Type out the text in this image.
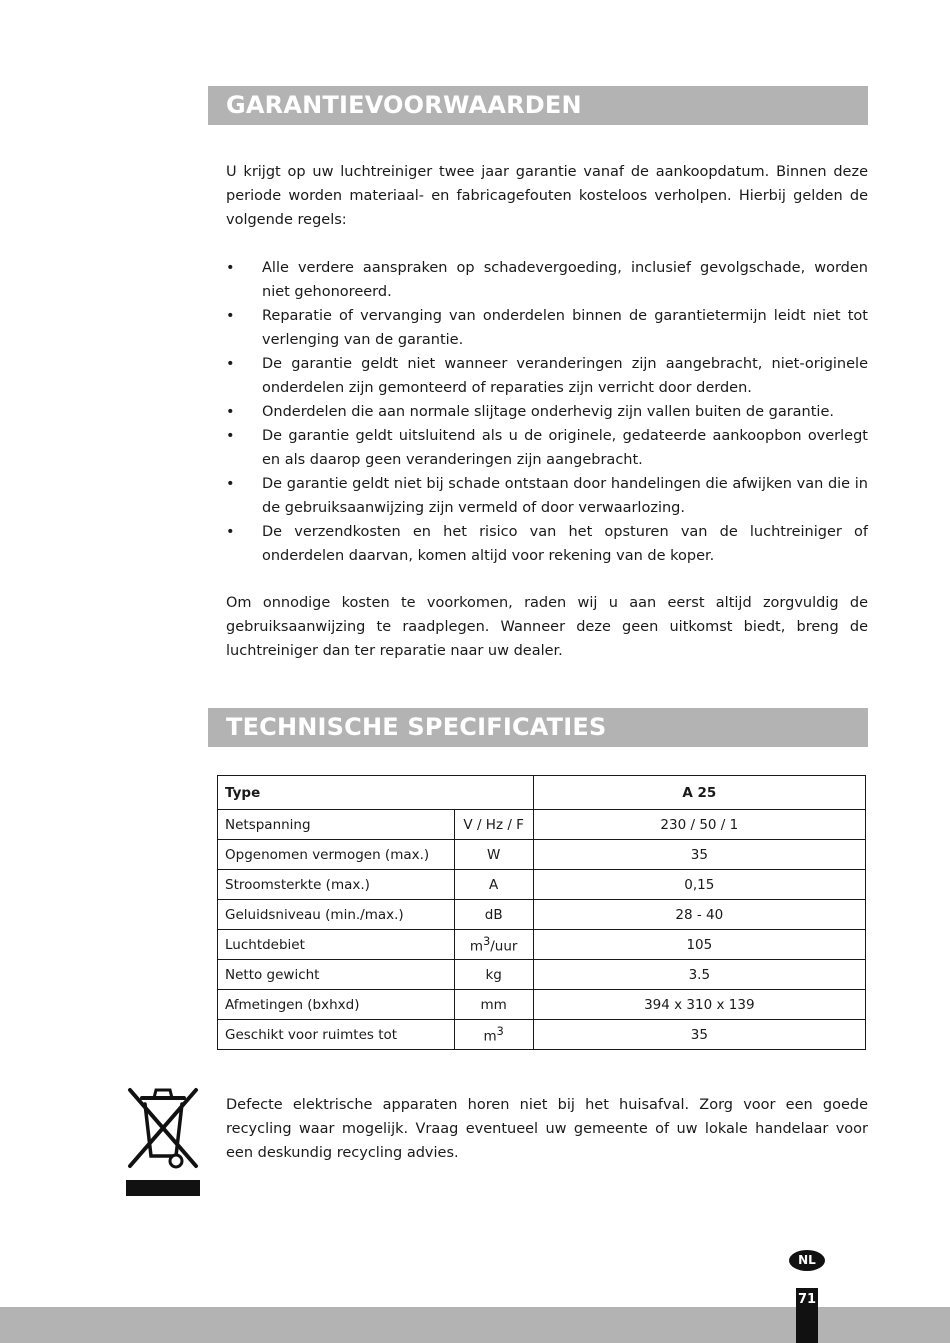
GARANTIEVOORWAARDEN

U krijgt op uw luchtreiniger twee jaar garantie vanaf de aankoopdatum. Binnen deze periode worden materiaal- en fabricagefouten kosteloos verholpen. Hierbij gelden de volgende regels:

• Alle verdere aanspraken op schadevergoeding, inclusief gevolgschade, worden niet gehonoreerd.
• Reparatie of vervanging van onderdelen binnen de garantietermijn leidt niet tot verlenging van de garantie.
• De garantie geldt niet wanneer veranderingen zijn aangebracht, niet-originele onderdelen zijn gemonteerd of reparaties zijn verricht door derden.
• Onderdelen die aan normale slijtage onderhevig zijn vallen buiten de garantie.
• De garantie geldt uitsluitend als u de originele, gedateerde aankoopbon overlegt en als daarop geen veranderingen zijn aangebracht.
• De garantie geldt niet bij schade ontstaan door handelingen die afwijken van die in de gebruiksaanwijzing zijn vermeld of door verwaarlozing.
• De verzendkosten en het risico van het opsturen van de luchtreiniger of onderdelen daarvan, komen altijd voor rekening van de koper.

Om onnodige kosten te voorkomen, raden wij u aan eerst altijd zorgvuldig de gebruiksaanwijzing te raadplegen. Wanneer deze geen uitkomst biedt, breng de luchtreiniger dan ter reparatie naar uw dealer.

TECHNISCHE SPECIFICATIES
Type		A 25
Netspanning	V / Hz / F	230 / 50 / 1
Opgenomen vermogen (max.)	W	35
Stroomsterkte (max.)	A	0,15
Geluidsniveau (min./max.)	dB	28 - 40
Luchtdebiet	$m^3$/uur	105
Netto gewicht	kg	3.5
Afmetingen (bxhxd)	mm	394 x 310 x 139
Geschikt voor ruimtes tot	$m^3$	35

Defecte elektrische apparaten horen niet bij het huisafval. Zorg voor een goede recycling waar mogelijk. Vraag eventueel uw gemeente of uw lokale handelaar voor een deskundig recycling advies.

NL
71
